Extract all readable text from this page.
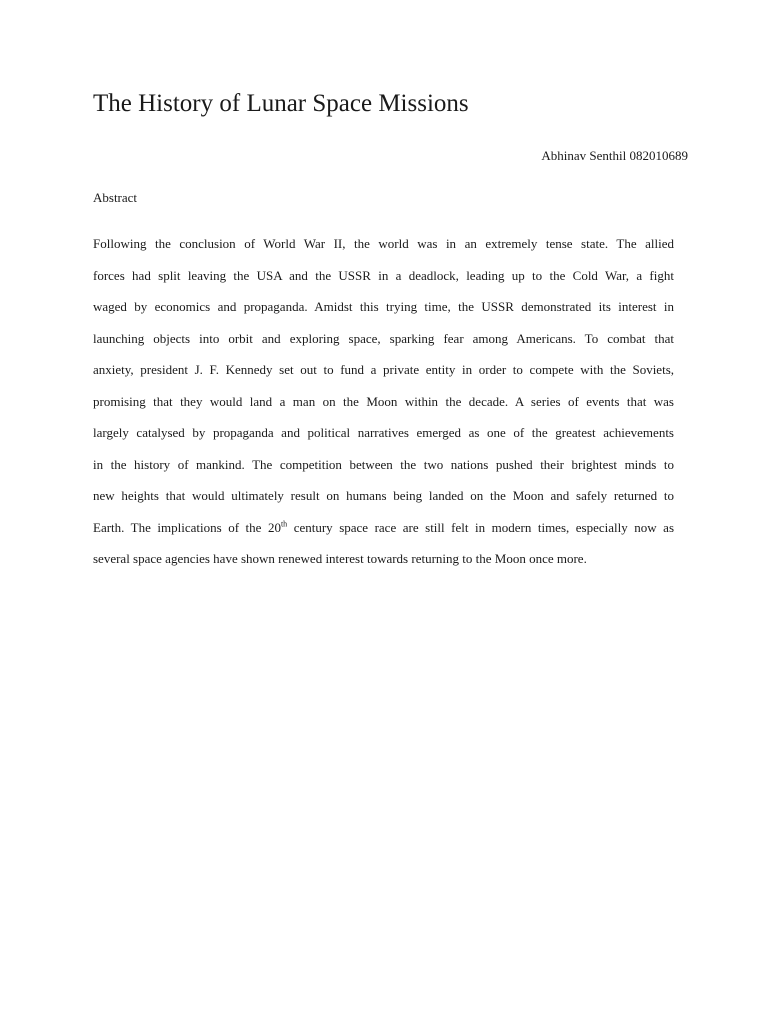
The History of Lunar Space Missions
Abhinav Senthil 082010689
Abstract
Following the conclusion of World War II, the world was in an extremely tense state. The allied
forces had split leaving the USA and the USSR in a deadlock, leading up to the Cold War, a fight
waged by economics and propaganda. Amidst this trying time, the USSR demonstrated its interest in
launching objects into orbit and exploring space, sparking fear among Americans. To combat that
anxiety, president J. F. Kennedy set out to fund a private entity in order to compete with the Soviets,
promising that they would land a man on the Moon within the decade. A series of events that was
largely catalysed by propaganda and political narratives emerged as one of the greatest achievements
in the history of mankind. The competition between the two nations pushed their brightest minds to
new heights that would ultimately result on humans being landed on the Moon and safely returned to
Earth. The implications of the 20th century space race are still felt in modern times, especially now as
several space agencies have shown renewed interest towards returning to the Moon once more.
